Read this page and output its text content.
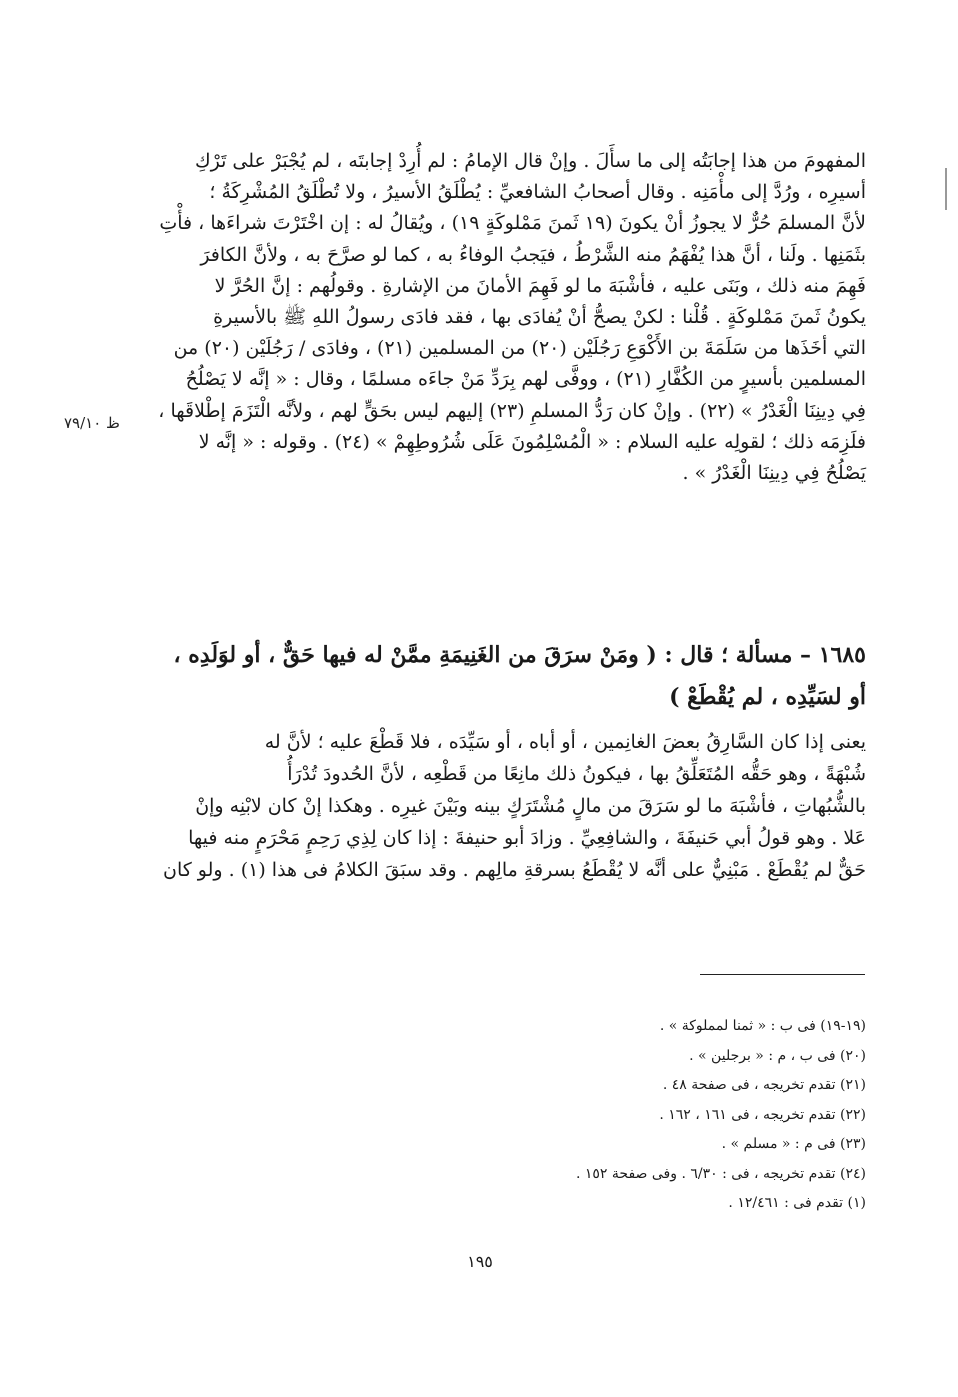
ظ ٧٩/١٠

المفهومَ من هذا إجابَتُه إلى ما سأَلَ . وإنْ قال الإمامُ : لم أُرِدْ إجابتَه ، لم يُجْبَرْ على تَرْكِ

أسيرِه ، ورُدَّ إلى مأْمَنِه . وقال أصحابُ الشافعيِّ : يُطْلَقُ الأسيرُ ، ولا تُطْلَقُ المُشْرِكَةُ ؛

لأنَّ المسلمَ حُرٌّ لا يجوزُ أنْ يكونَ (١٩ ثَمنَ مَمْلوكَةٍ ١٩) ، ويُقالُ له : إن اخْتَرْتَ شراءَها ، فأْتِ

بثَمَنِها . ولَنا ، أنَّ هذا يُفْهَمُ منه الشَّرْطُ ، فيَجبُ الوفاءُ به ، كما لو صرَّحَ به ، ولأنَّ الكافرَ

فَهِمَ منه ذلك ، وبَنَى عليه ، فأشْبَهَ ما لو فَهِمَ الأمانَ من الإشارةِ . وقولُهم : إنَّ الحُرَّ لا

يكونُ ثَمنَ مَمْلوكَةٍ . قُلْنا : لكنْ يصحُّ أنْ يُفادَى بها ، فقد فادَى رسولُ اللهِ ﷺ بالأسيرةِ

التي أخَذَها من سَلَمَةَ بن الأَكْوَعِ رَجُلَيْن (٢٠) من المسلمين (٢١) ، وفادَى / رَجُلَيْن (٢٠) من

المسلمين بأسيرٍ من الكُفَّارِ (٢١) ، ووفَّى لهم بِرَدِّ مَنْ جاءَه مسلمًا ، وقال : « إنَّه لا يَصْلُحُ

فِي دِينِنَا الْغَدْرُ » (٢٢) . وإنْ كان رَدُّ المسلمِ (٢٣) إليهم ليس بحَقٍّ لهم ، ولأنَّه الْتَزَمَ إطْلاقَها ،

فلَزِمَه ذلك ؛ لقولِه عليه السلام : « الْمُسْلِمُونَ عَلَى شُرُوطِهِمْ » (٢٤) . وقوله : « إنَّه لا

يَصْلُحُ فِي دِينِنَا الْغَدْرُ » .

١٦٨٥ – مسألة ؛ قال : ( ومَنْ سرَقَ من الغَنِيمَةِ ممَّنْ له فيها حَقٌّ ، أو لوَلَدِه ، أو لسَيِّدِه ، لم يُقْطَعْ )

يعنى إذا كان السَّارِقُ بعضَ الغانِمين ، أو أباه ، أو سَيِّدَه ، فلا قَطْعَ عليه ؛ لأنَّ له

شُبْهَةً ، وهو حَقُّه المُتَعَلِّقُ بها ، فيكونُ ذلك مانِعًا من قَطْعِه ، لأنَّ الحُدودَ تُدْرَأُ

بالشُّبُهاتِ ، فأشْبَهَ ما لو سَرَقَ من مالٍ مُشْتَرَكٍ بينه وبَيْنَ غيرِه . وهكذا إنْ كان لابْنِه وإنْ

عَلا . وهو قولُ أبي حَنيفَةَ ، والشافِعِيِّ . وزادَ أبو حنيفةَ : إذا كان لِذِي رَحِمٍ مَحْرَمٍ منه فيها

حَقٌّ لم يُقْطَعْ . مَبْنِيٌّ على أنَّه لا يُقْطَعُ بسرقةِ مالِهم . وقد سبَقَ الكلامُ فى هذا (١) . ولو كان

(١٩-١٩) فى ب : « ثمنا لمملوكة » .
(٢٠) فى ب ، م : « برجلين » .
(٢١) تقدم تخريجه ، فى صفحة ٤٨ .
(٢٢) تقدم تخريجه ، فى ١٦١ ، ١٦٢ .
(٢٣) فى م : « مسلم » .
(٢٤) تقدم تخريجه ، فى : ٦/٣٠ . وفى صفحة ١٥٢ .
(١) تقدم فى : ١٢/٤٦١ .
١٩٥
